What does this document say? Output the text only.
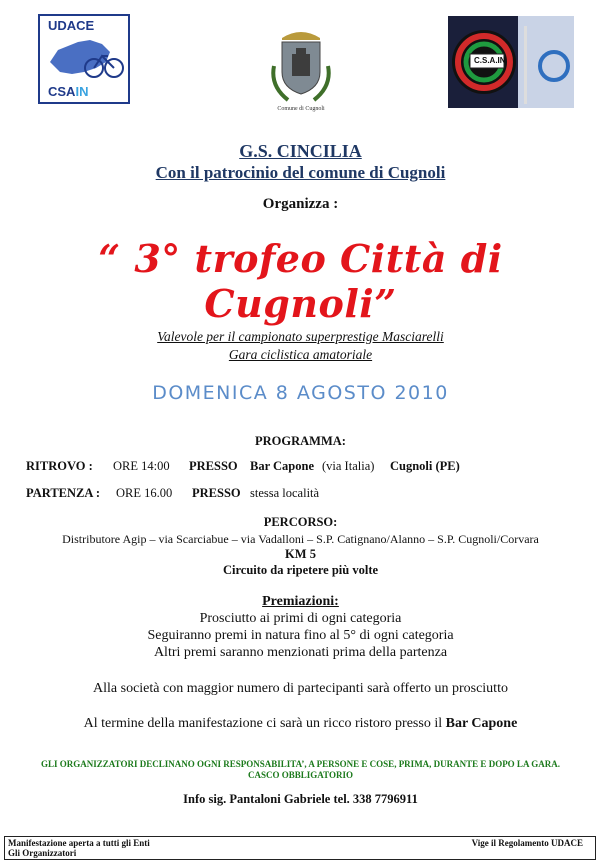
UDACE
CSAIN
Comune di Cugnoli
C.S.A.IN
G.S. CINCILIA
Con il patrocinio del comune di Cugnoli
Organizza :
“ 3° trofeo Città di Cugnoli”
Valevole per il campionato superprestige Masciarelli
Gara ciclistica amatoriale
DOMENICA 8 AGOSTO 2010
PROGRAMMA:
RITROVO : ORE 14:00 PRESSO Bar Capone (via Italia) Cugnoli (PE)
PARTENZA : ORE 16.00 PRESSO stessa località
PERCORSO:
Distributore Agip – via Scarciabue – via Vadalloni – S.P. Catignano/Alanno – S.P. Cugnoli/Corvara
KM 5
Circuito da ripetere più volte
Premiazioni:
Prosciutto ai primi di ogni categoria
Seguiranno premi in natura fino al 5° di ogni categoria
Altri premi saranno menzionati prima della partenza
Alla società con maggior numero di partecipanti sarà offerto un prosciutto
Al termine della manifestazione ci sarà un ricco ristoro presso il Bar Capone
GLI ORGANIZZATORI DECLINANO OGNI RESPONSABILITA’, A PERSONE E COSE, PRIMA, DURANTE E DOPO LA GARA.
CASCO OBBLIGATORIO
Info sig. Pantaloni Gabriele tel. 338 7796911
Manifestazione aperta a tutti gli Enti
Gli Organizzatori
Vige il Regolamento UDACE
